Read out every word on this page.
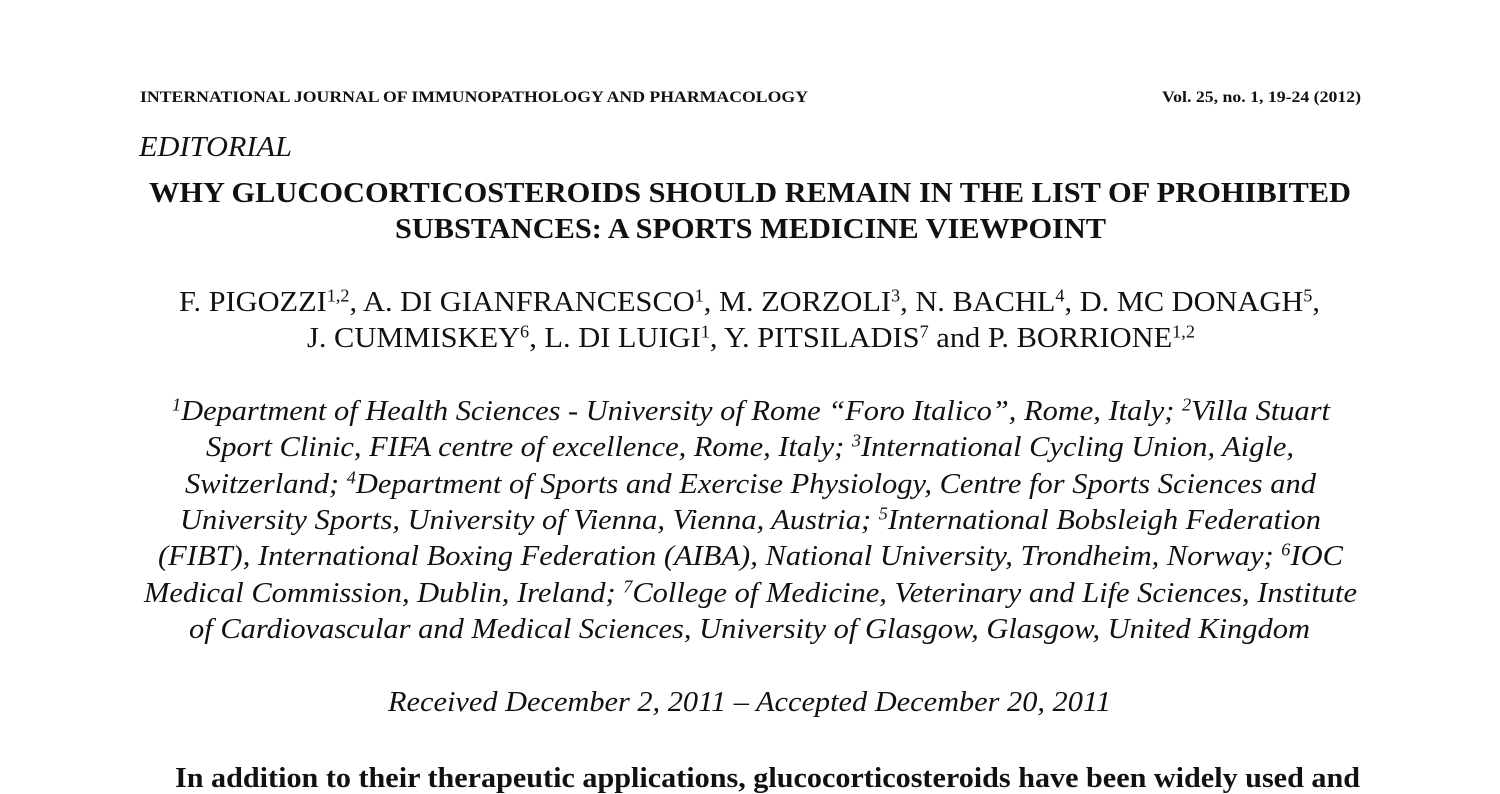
INTERNATIONAL JOURNAL OF IMMUNOPATHOLOGY AND PHARMACOLOGY	Vol. 25, no. 1, 19-24 (2012)
EDITORIAL
WHY GLUCOCORTICOSTEROIDS SHOULD REMAIN IN THE LIST OF PROHIBITED
SUBSTANCES: A SPORTS MEDICINE VIEWPOINT
F. PIGOZZI$^{1,2}$, A. DI GIANFRANCESCO$^1$, M. ZORZOLI$^3$, N. BACHL$^4$, D. MC DONAGH$^5$,
J. CUMMISKEY$^6$, L. DI LUIGI$^1$, Y. PITSILADIS$^7$ and P. BORRIONE$^{1,2}$
$^1$Department of Health Sciences - University of Rome “Foro Italico”, Rome, Italy; $^2$Villa Stuart
Sport Clinic, FIFA centre of excellence, Rome, Italy; $^3$International Cycling Union, Aigle,
Switzerland; $^4$Department of Sports and Exercise Physiology, Centre for Sports Sciences and
University Sports, University of Vienna, Vienna, Austria; $^5$International Bobsleigh Federation
(FIBT), International Boxing Federation (AIBA), National University, Trondheim, Norway; $^6$IOC
Medical Commission, Dublin, Ireland; $^7$College of Medicine, Veterinary and Life Sciences, Institute
of Cardiovascular and Medical Sciences, University of Glasgow, Glasgow, United Kingdom
Received December 2, 2011 – Accepted December 20, 2011
In addition to their therapeutic applications, glucocorticosteroids have been widely used and
